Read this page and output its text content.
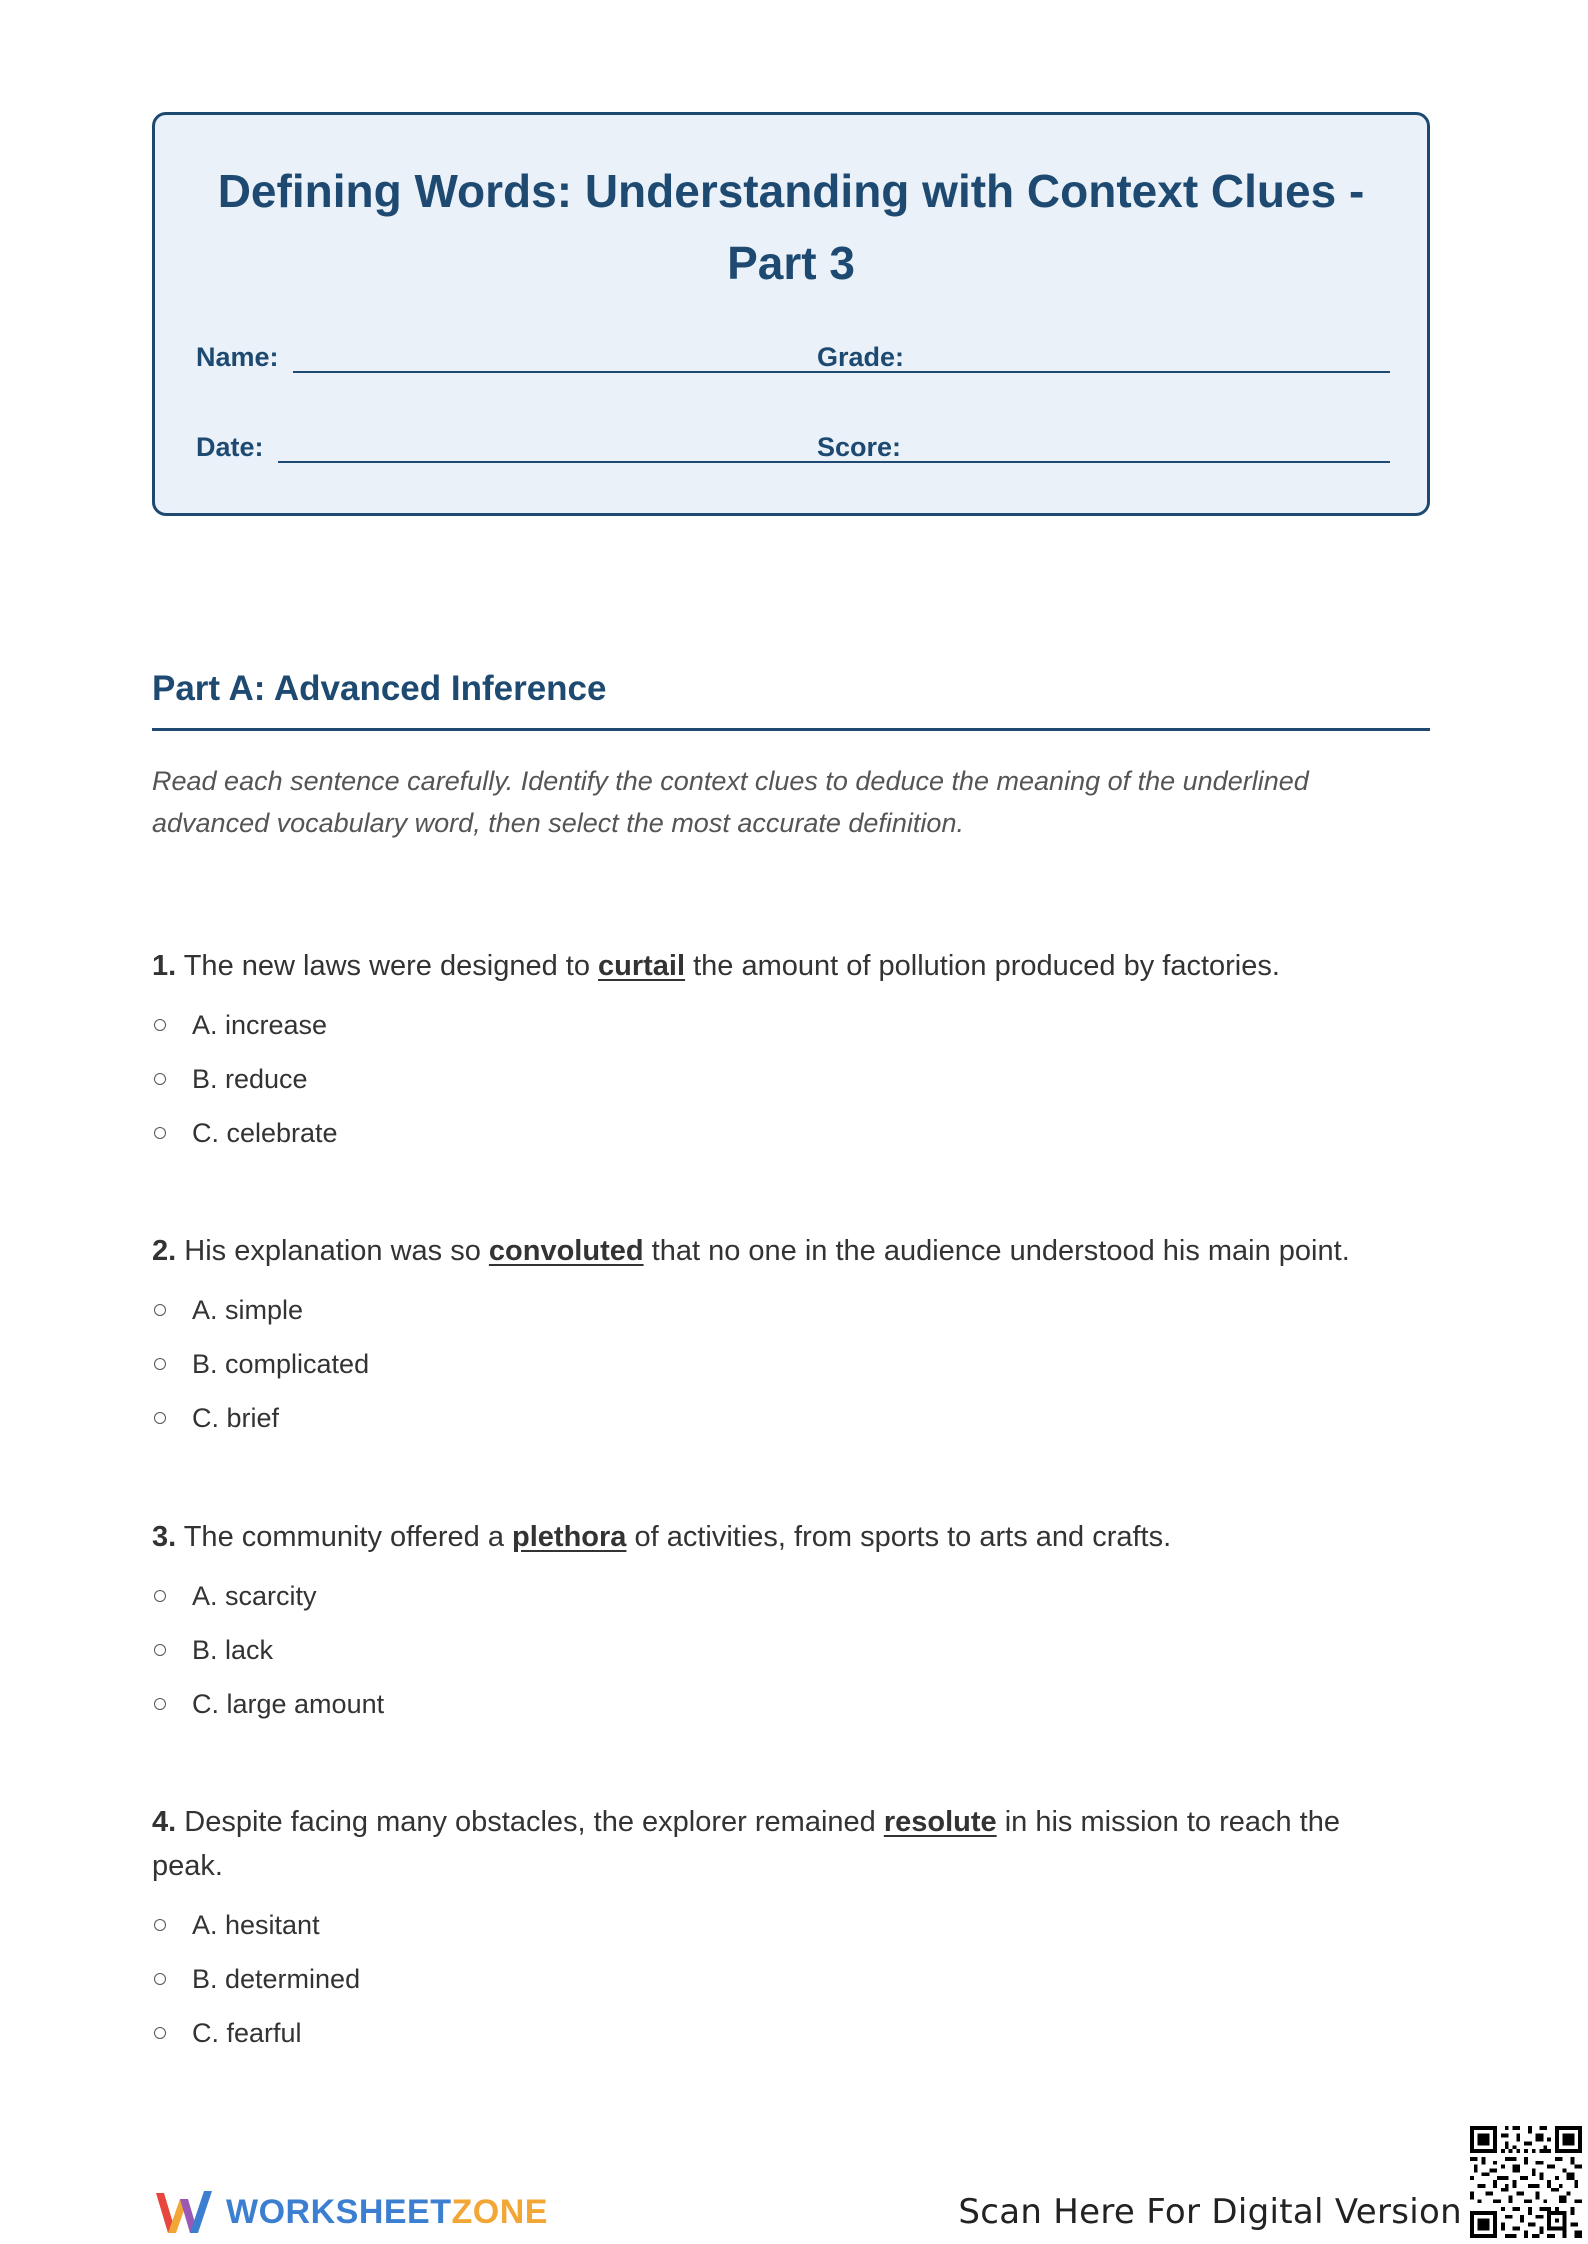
Defining Words: Understanding with Context Clues - Part 3
Name:	Grade:
Date:	Score:
Part A: Advanced Inference
Read each sentence carefully. Identify the context clues to deduce the meaning of the underlined advanced vocabulary word, then select the most accurate definition.

1. The new laws were designed to curtail the amount of pollution produced by factories.

A. increase
B. reduce
C. celebrate

2. His explanation was so convoluted that no one in the audience understood his main point.

A. simple
B. complicated
C. brief

3. The community offered a plethora of activities, from sports to arts and crafts.

A. scarcity
B. lack
C. large amount

4. Despite facing many obstacles, the explorer remained resolute in his mission to reach the peak.

A. hesitant
B. determined
C. fearful
WORKSHEETZONE	Scan Here For Digital Version
